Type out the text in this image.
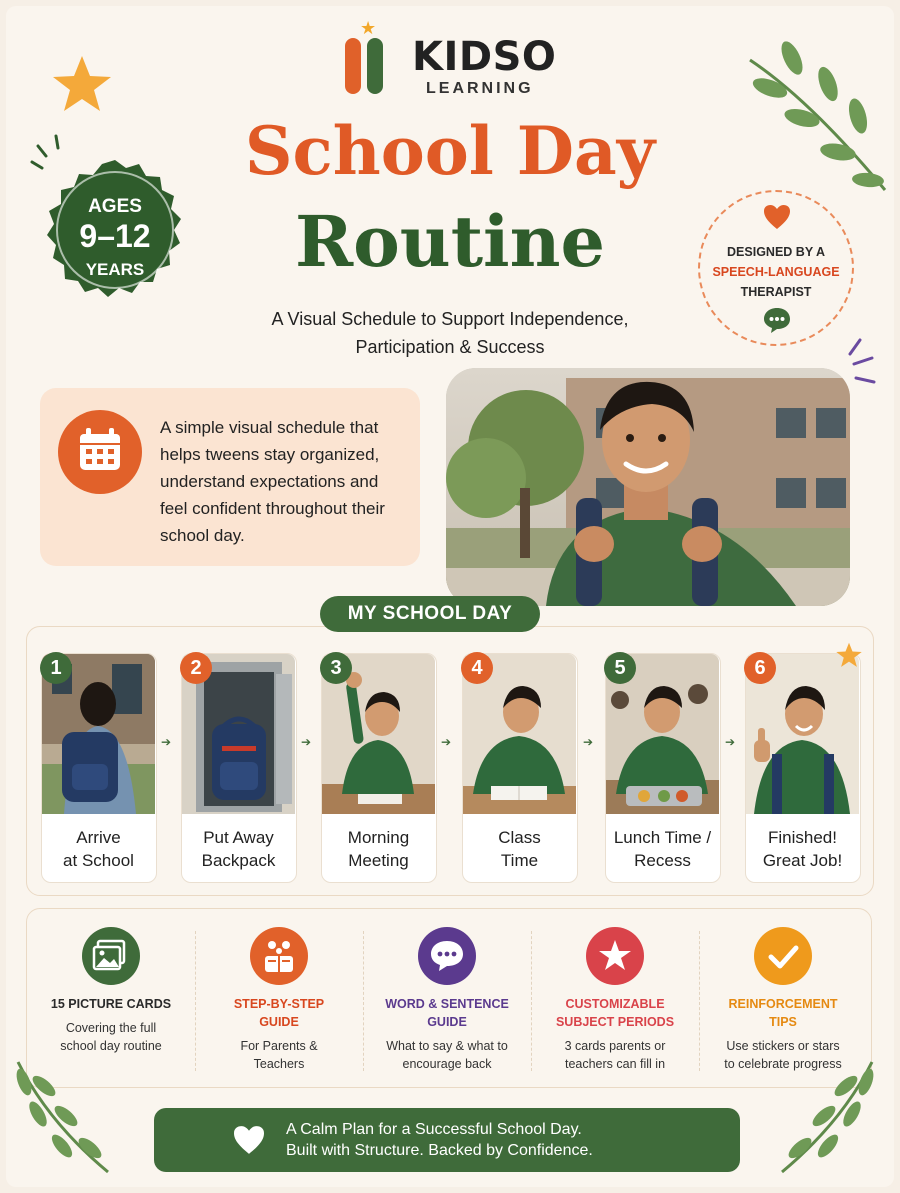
★
KIDSO
LEARNING
School Day
Routine
A Visual Schedule to Support Independence,
Participation & Success
AGES
9–12
YEARS
DESIGNED BY A
SPEECH-LANGUAGE
THERAPIST
A simple visual schedule that helps tweens stay organized, understand expectations and feel confident throughout their school day.
1
Arrive
at School
➔
2
Put Away
Backpack
➔
3
Morning
Meeting
➔
4
Class
Time
➔
5
Lunch Time /
Recess
➔
6
Finished!
Great Job!
MY SCHOOL DAY
15 PICTURE CARDS
Covering the full
school day routine
STEP-BY-STEP
GUIDE
For Parents &
Teachers
WORD & SENTENCE
GUIDE
What to say & what to
encourage back
CUSTOMIZABLE
SUBJECT PERIODS
3 cards parents or
teachers can fill in
REINFORCEMENT
TIPS
Use stickers or stars
to celebrate progress
A Calm Plan for a Successful School Day.
Built with Structure. Backed by Confidence.
